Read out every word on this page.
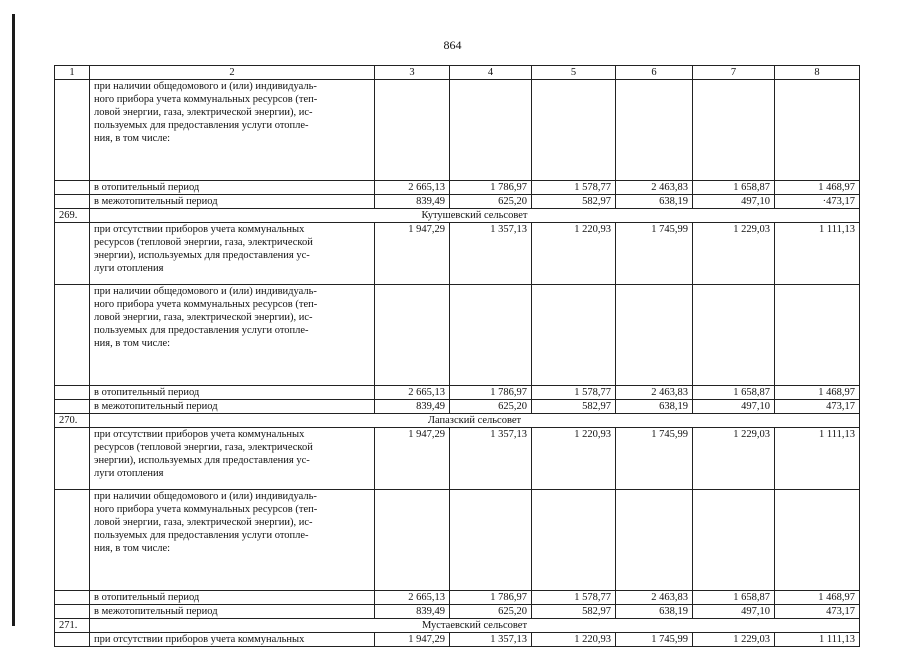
864
1	2	3	4	5	6	7	8

	при наличии общедомового и (или) индивидуаль-
ного прибора учета коммунальных ресурсов (теп-
ловой энергии, газа, электрической энергии), ис-
пользуемых для предоставления услуги отопле-
ния, в том числе:						

	в отопительный период	2 665,13	1 786,97	1 578,77	2 463,83	1 658,87	1 468,97
	в межотопительный период	839,49	625,20	582,97	638,19	497,10	·473,17
269.	Кутушевский сельсовет						

	при отсутствии приборов учета коммунальных
ресурсов (тепловой энергии, газа, электрической
энергии), используемых для предоставления ус-
луги отопления	1 947,29	1 357,13	1 220,93	1 745,99	1 229,03	1 111,13

	при наличии общедомового и (или) индивидуаль-
ного прибора учета коммунальных ресурсов (теп-
ловой энергии, газа, электрической энергии), ис-
пользуемых для предоставления услуги отопле-
ния, в том числе:						

	в отопительный период	2 665,13	1 786,97	1 578,77	2 463,83	1 658,87	1 468,97
	в межотопительный период	839,49	625,20	582,97	638,19	497,10	473,17
270.	Лапазский сельсовет						

	при отсутствии приборов учета коммунальных
ресурсов (тепловой энергии, газа, электрической
энергии), используемых для предоставления ус-
луги отопления	1 947,29	1 357,13	1 220,93	1 745,99	1 229,03	1 111,13

	при наличии общедомового и (или) индивидуаль-
ного прибора учета коммунальных ресурсов (теп-
ловой энергии, газа, электрической энергии), ис-
пользуемых для предоставления услуги отопле-
ния, в том числе:						

	в отопительный период	2 665,13	1 786,97	1 578,77	2 463,83	1 658,87	1 468,97
	в межотопительный период	839,49	625,20	582,97	638,19	497,10	473,17
271.	Мустаевский сельсовет						
	при отсутствии приборов учета коммунальных	1 947,29	1 357,13	1 220,93	1 745,99	1 229,03	1 111,13
